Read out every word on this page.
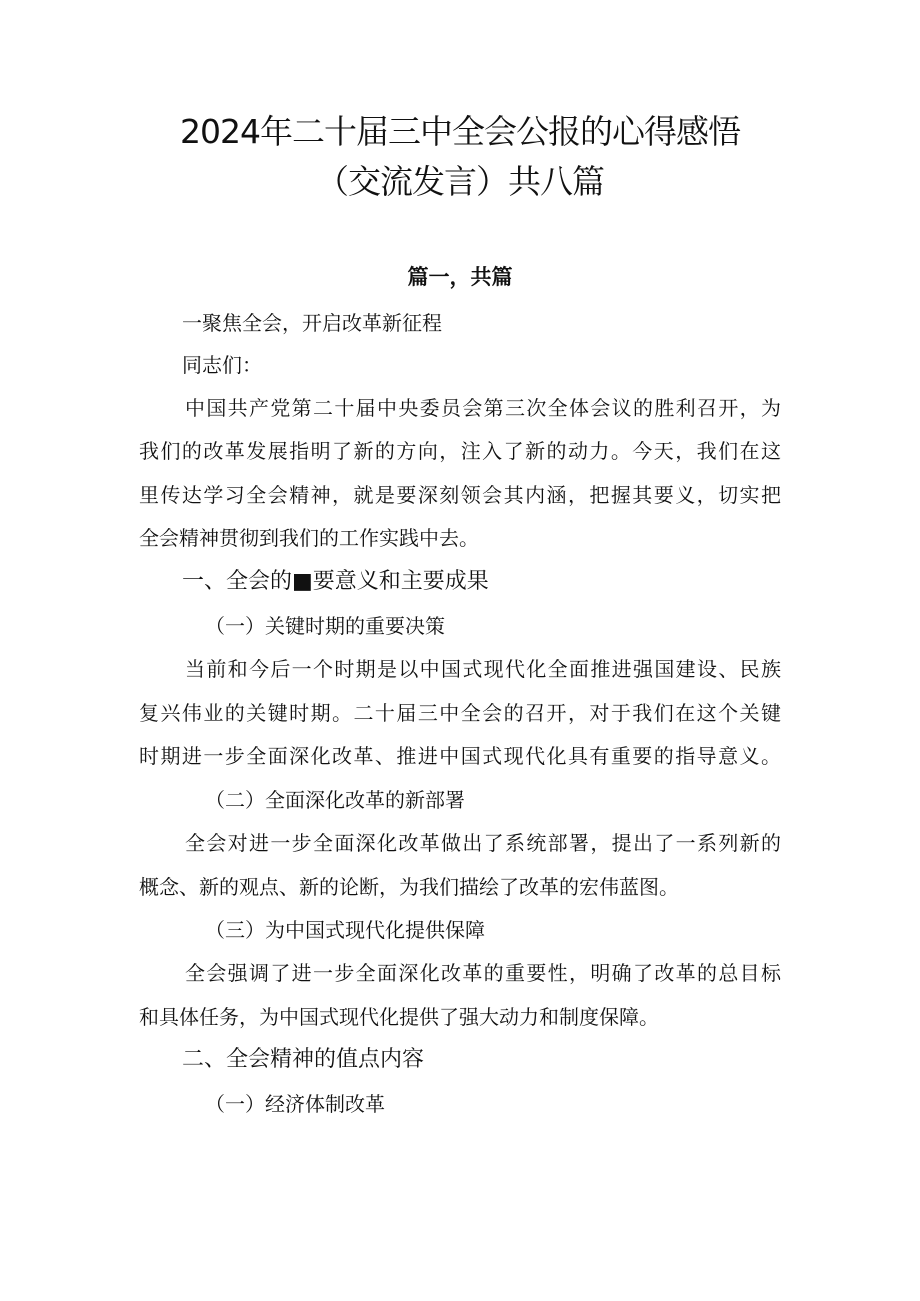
2024年二十届三中全会公报的心得感悟
（交流发言）共八篇
篇一，共篇
一聚焦全会，开启改革新征程
同志们：
中国共产党第二十届中央委员会第三次全体会议的胜利召开，为
我们的改革发展指明了新的方向，注入了新的动力。今天，我们在这
里传达学习全会精神，就是要深刻领会其内涵，把握其要义，切实把
全会精神贯彻到我们的工作实践中去。
一、全会的■要意义和主要成果
（一）关键时期的重要决策
当前和今后一个时期是以中国式现代化全面推进强国建设、民族
复兴伟业的关键时期。二十届三中全会的召开，对于我们在这个关键
时期进一步全面深化改革、推进中国式现代化具有重要的指导意义。
（二）全面深化改革的新部署
全会对进一步全面深化改革做出了系统部署，提出了一系列新的
概念、新的观点、新的论断，为我们描绘了改革的宏伟蓝图。
（三）为中国式现代化提供保障
全会强调了进一步全面深化改革的重要性，明确了改革的总目标
和具体任务，为中国式现代化提供了强大动力和制度保障。
二、全会精神的值点内容
（一）经济体制改革
